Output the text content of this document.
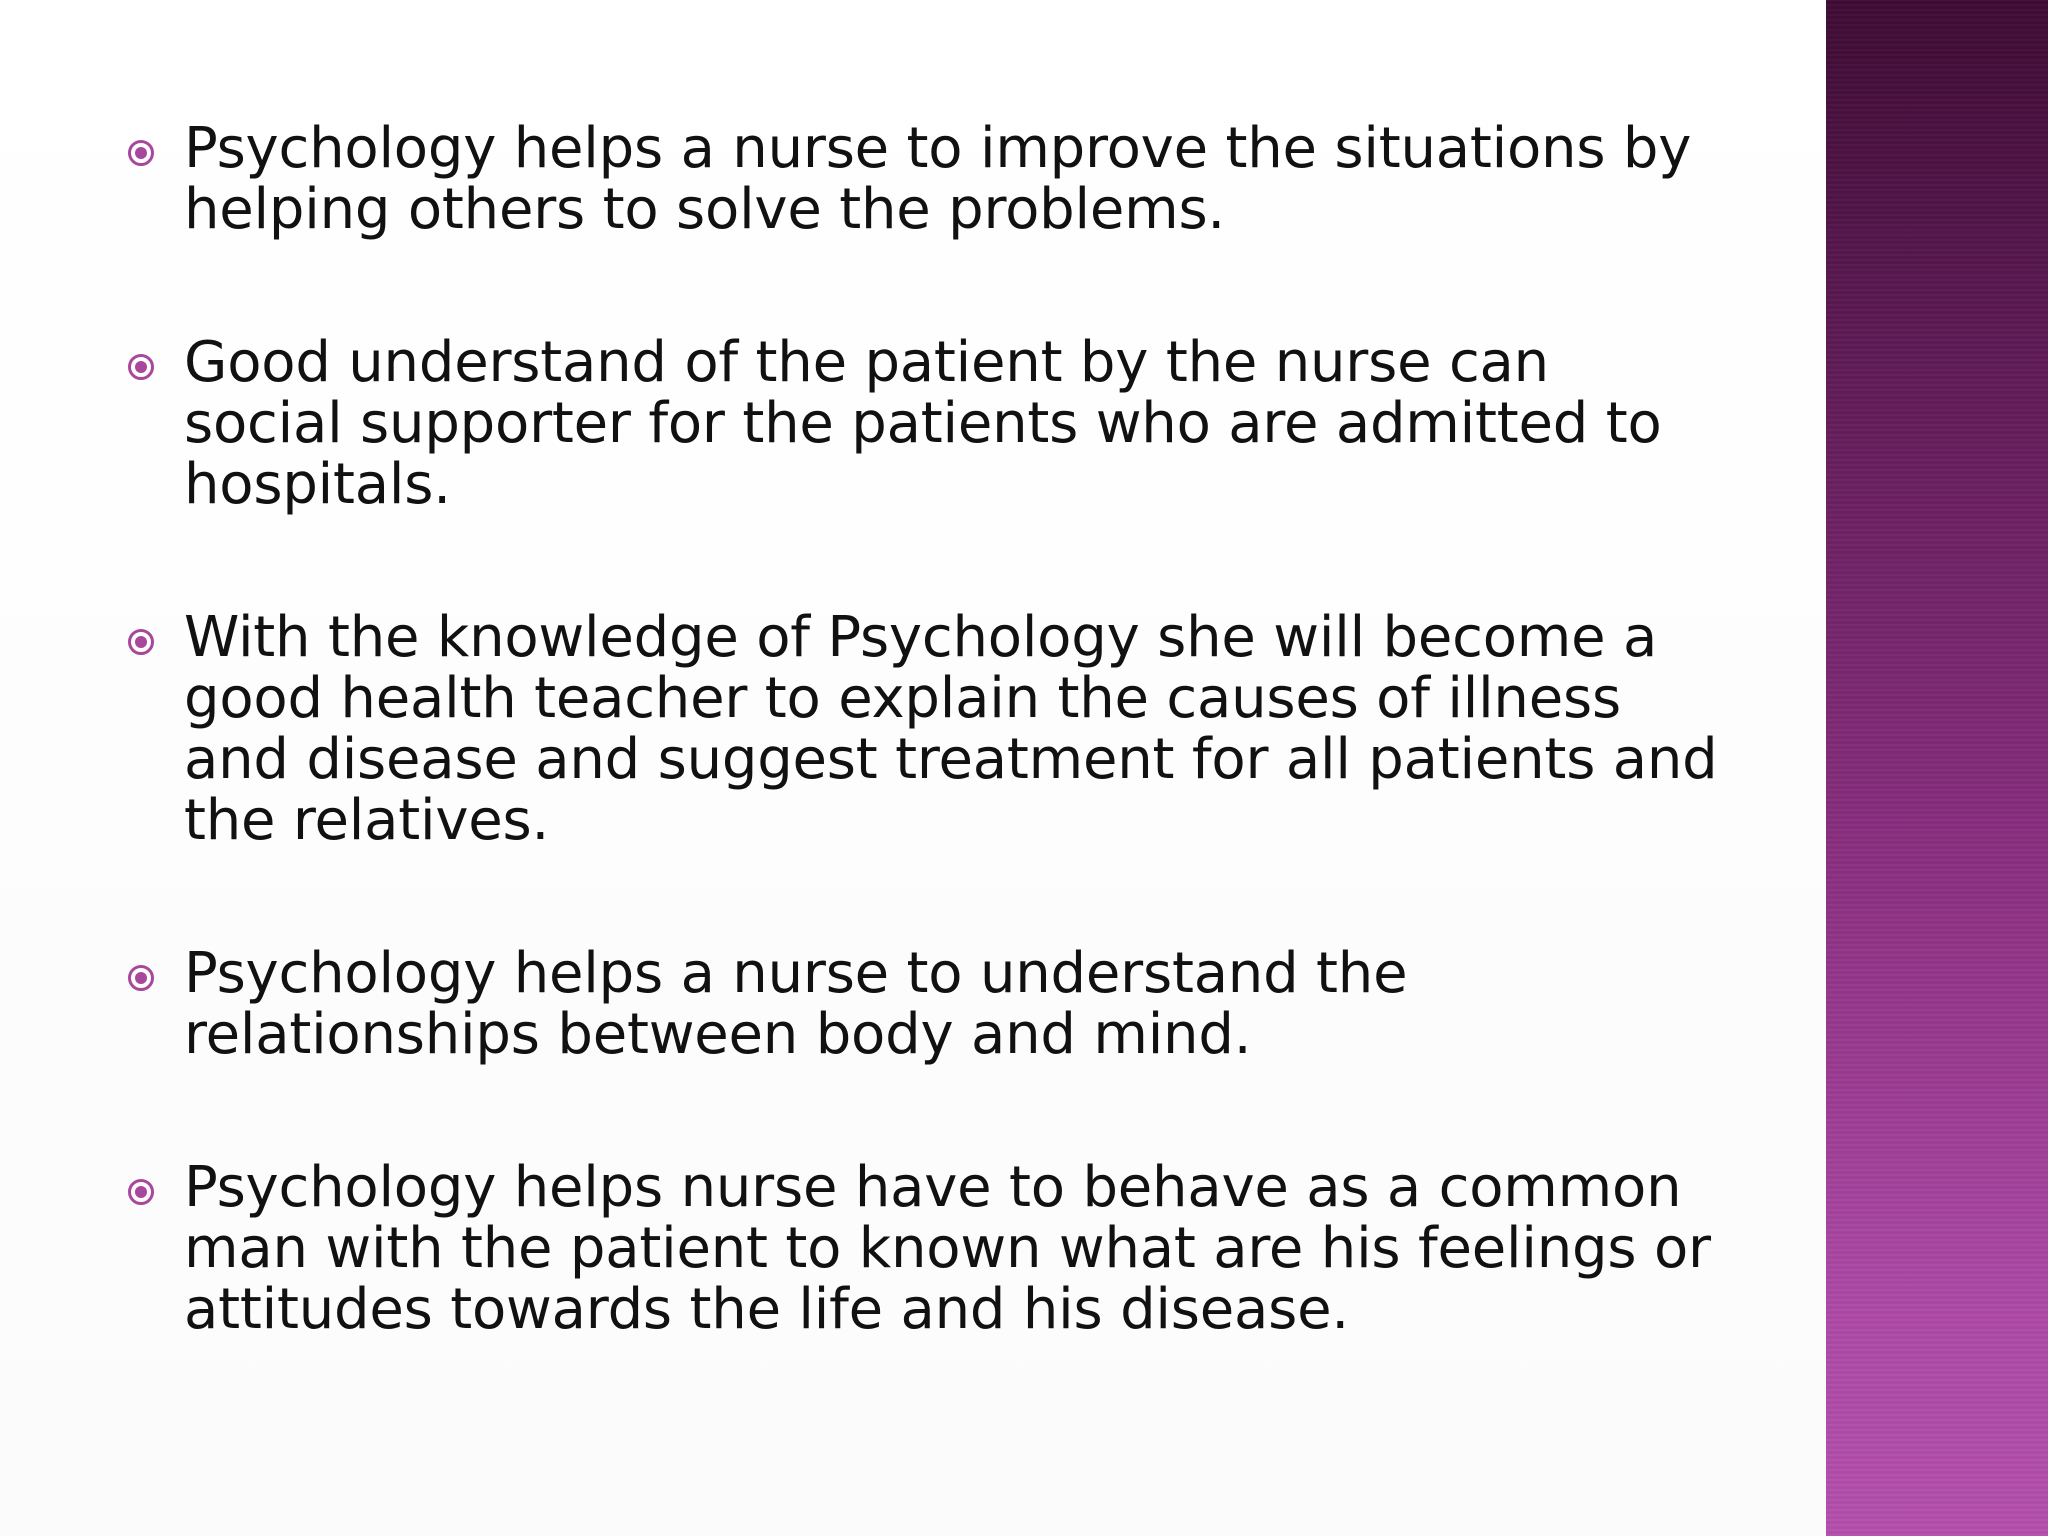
Psychology helps a nurse to improve the situations by helping others to solve the problems.
Good understand of the patient by the nurse can social supporter for the patients who are admitted to hospitals.
With the knowledge of Psychology she will become a good health teacher to explain the causes of illness and disease and suggest treatment for all patients and the relatives.
Psychology helps a nurse to understand the relationships between body and mind.
Psychology helps nurse have to behave as a common man with the patient to known what are his feelings or attitudes towards the life and his disease.
